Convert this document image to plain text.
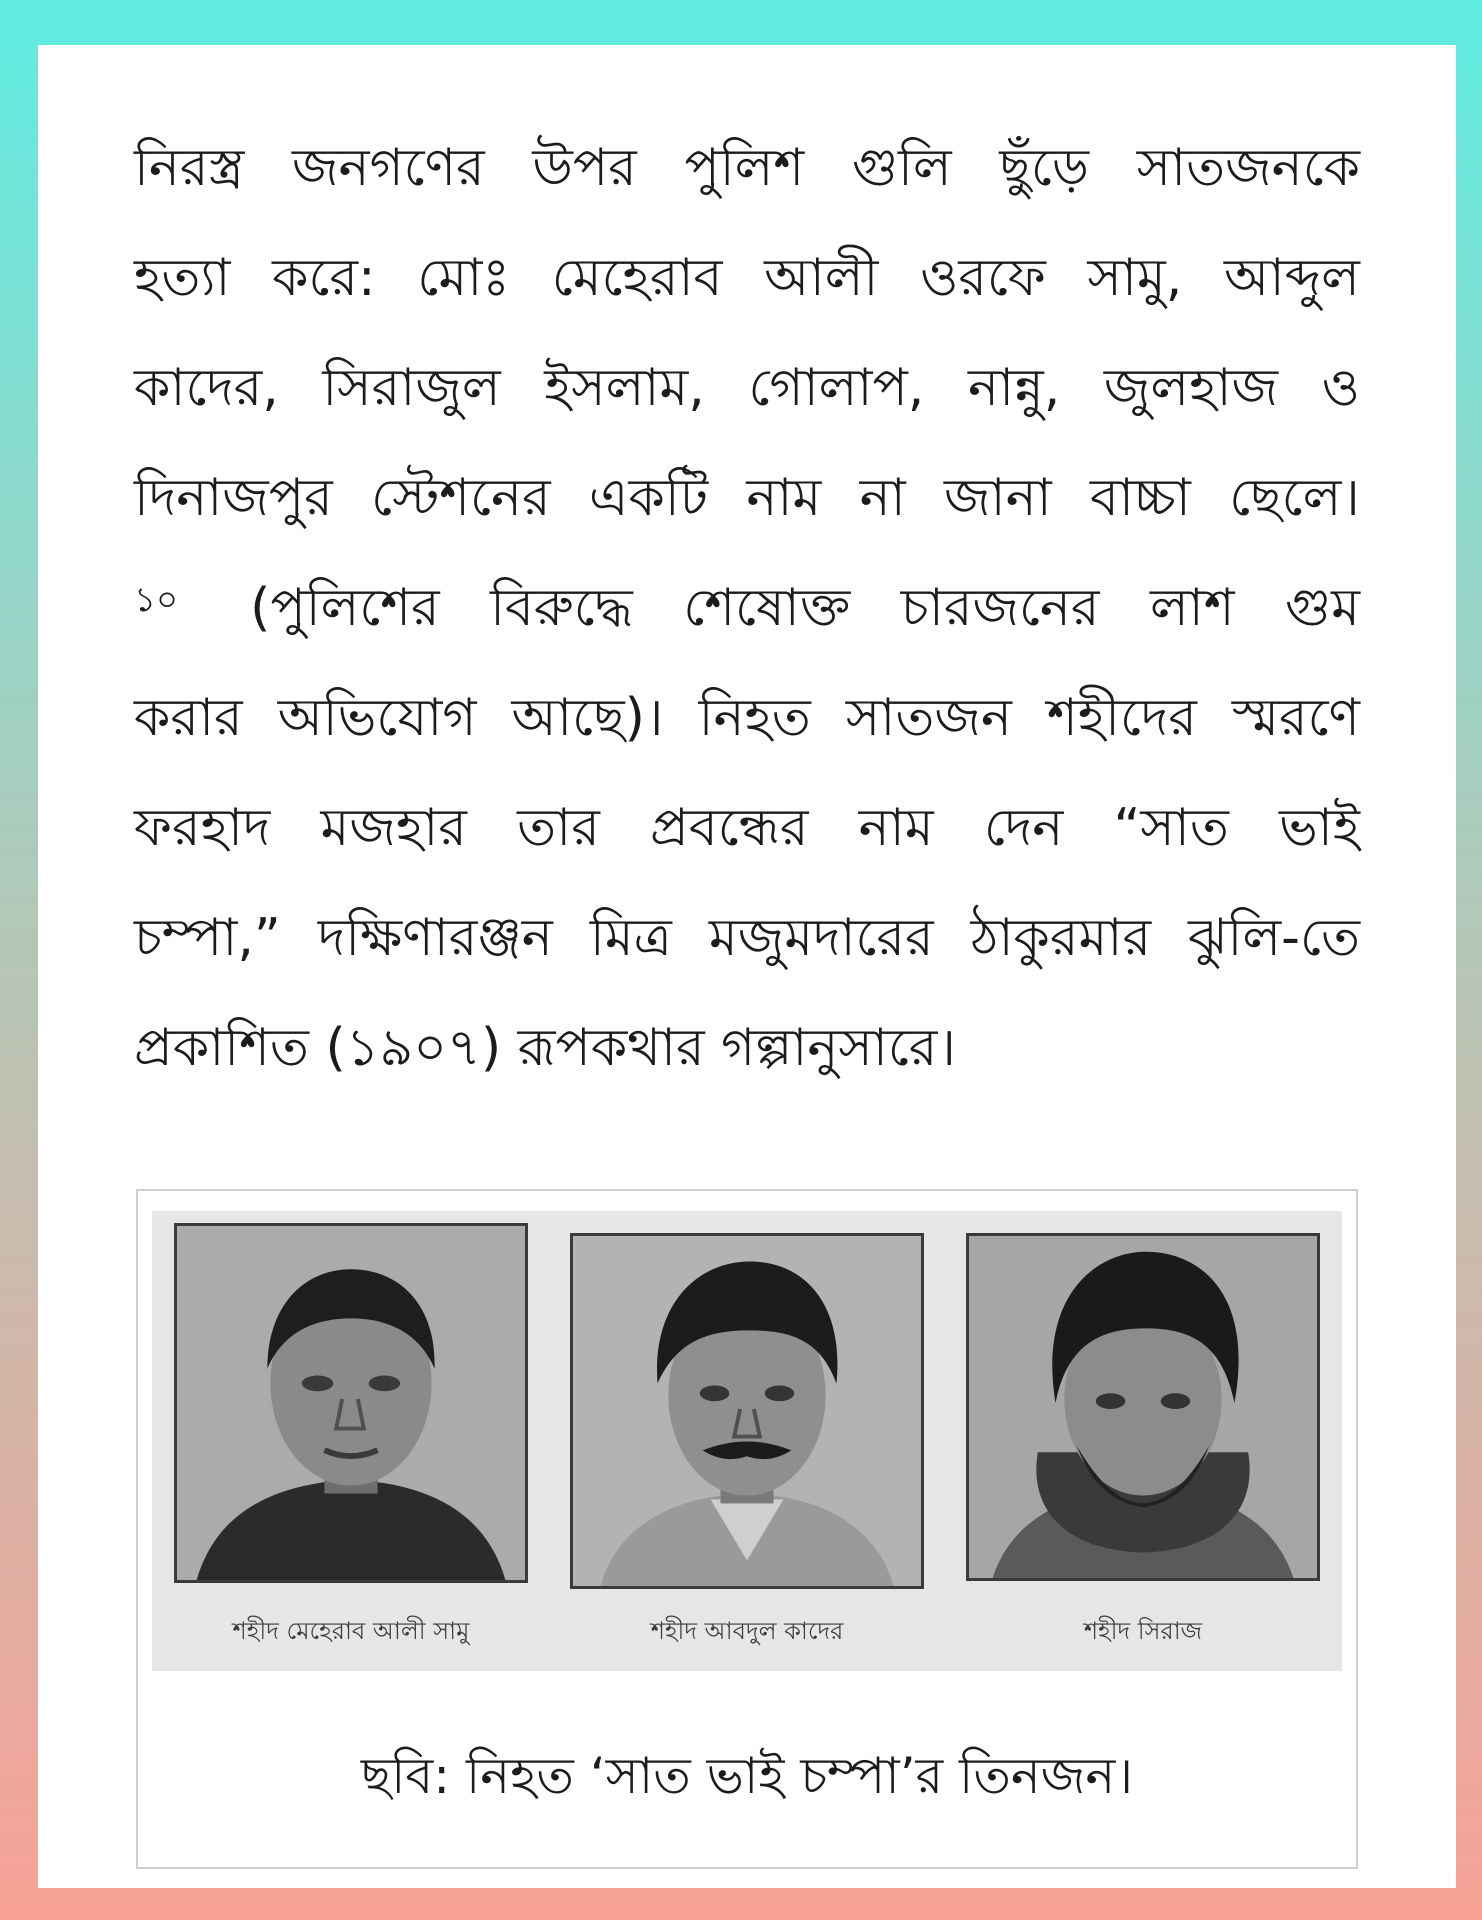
নিরস্ত্র জনগণের উপর পুলিশ গুলি ছুঁড়ে সাতজনকে
হত্যা করে: মোঃ মেহেরাব আলী ওরফে সামু, আব্দুল
কাদের, সিরাজুল ইসলাম, গোলাপ, নান্নু, জুলহাজ ও
দিনাজপুর স্টেশনের একটি নাম না জানা বাচ্চা ছেলে।
১০ (পুলিশের বিরুদ্ধে শেষোক্ত চারজনের লাশ গুম
করার অভিযোগ আছে)। নিহত সাতজন শহীদের স্মরণে
ফরহাদ মজহার তার প্রবন্ধের নাম দেন “সাত ভাই
চম্পা,” দক্ষিণারঞ্জন মিত্র মজুমদারের ঠাকুরমার ঝুলি-তে
প্রকাশিত (১৯০৭) রূপকথার গল্পানুসারে।
শহীদ মেহেরাব আলী সামু	শহীদ আবদুল কাদের	শহীদ সিরাজ
ছবি: নিহত ‘সাত ভাই চম্পা’র তিনজন।
